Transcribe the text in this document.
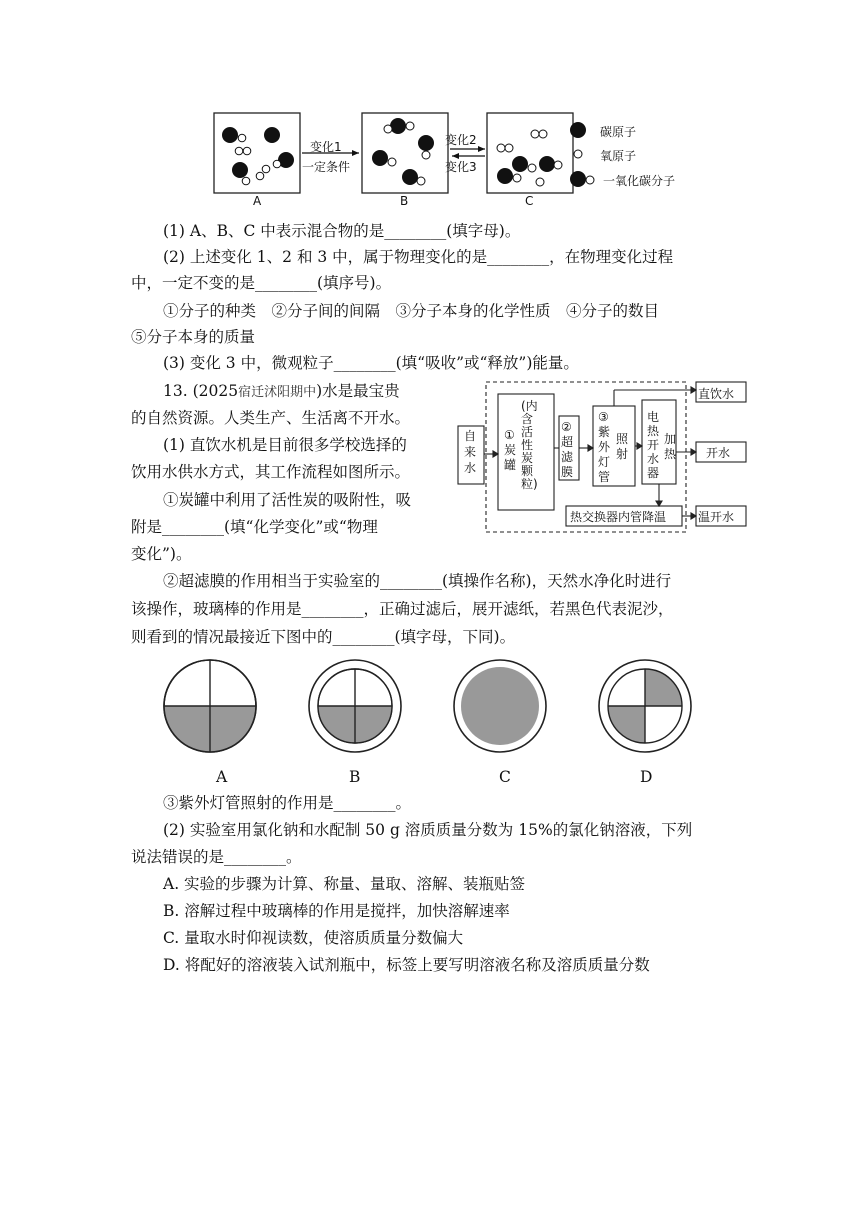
变化1
一定条件
变化2
变化3
A	B	C
碳原子
氧原子
一氧化碳分子
(1) A、B、C 中表示混合物的是________(填字母)。
(2) 上述变化 1、2 和 3 中，属于物理变化的是________，在物理变化过程
中，一定不变的是________(填序号)。
①分子的种类　②分子间的间隔　③分子本身的化学性质　④分子的数目
⑤分子本身的质量
(3) 变化 3 中，微观粒子________(填“吸收”或“释放”)能量。
13. (2025宿迁沭阳期中)水是最宝贵
的自然资源。人类生产、生活离不开水。
(1) 直饮水机是目前很多学校选择的
饮用水供水方式，其工作流程如图所示。
①炭罐中利用了活性炭的吸附性，吸
附是________(填“化学变化”或“物理
变化”)。
自来水
(内含活性炭颗粒)
①炭罐
②超滤膜
③紫外灯管
照射
电热开水器
加热
热交换器内管降温
直饮水
开水
温开水
②超滤膜的作用相当于实验室的________(填操作名称)，天然水净化时进行
该操作，玻璃棒的作用是________，正确过滤后，展开滤纸，若黑色代表泥沙，
则看到的情况最接近下图中的________(填字母，下同)。
A	B	C	D
③紫外灯管照射的作用是________。
(2) 实验室用氯化钠和水配制 50 g 溶质质量分数为 15%的氯化钠溶液，下列
说法错误的是________。
A. 实验的步骤为计算、称量、量取、溶解、装瓶贴签
B. 溶解过程中玻璃棒的作用是搅拌，加快溶解速率
C. 量取水时仰视读数，使溶质质量分数偏大
D. 将配好的溶液装入试剂瓶中，标签上要写明溶液名称及溶质质量分数
